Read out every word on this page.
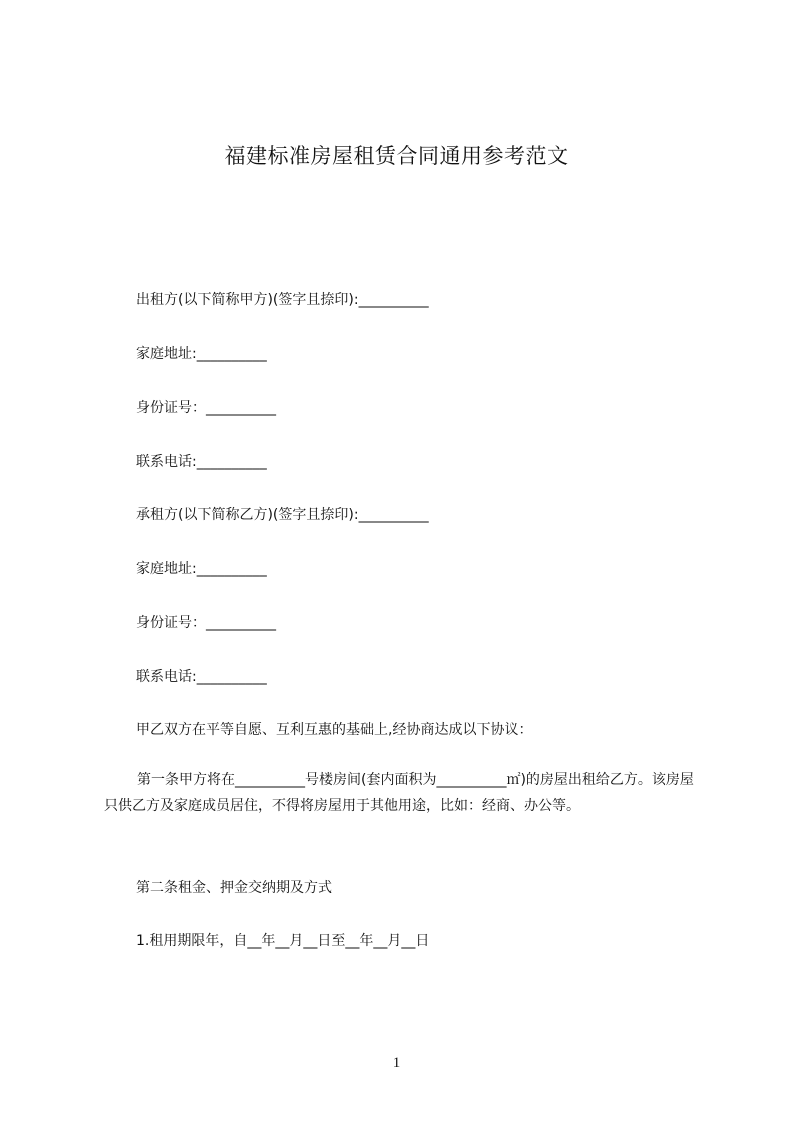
福建标准房屋租赁合同通用参考范文

出租方(以下简称甲方)(签字且捺印):__________

家庭地址:__________

身份证号：__________

联系电话:__________

承租方(以下简称乙方)(签字且捺印):__________

家庭地址:__________

身份证号：__________

联系电话:__________

甲乙双方在平等自愿、互利互惠的基础上,经协商达成以下协议：

第一条甲方将在__________号楼房间(套内面积为__________㎡)的房屋出租给乙方。该房屋只供乙方及家庭成员居住，不得将房屋用于其他用途，比如：经商、办公等。

第二条租金、押金交纳期及方式

1.租用期限年，自__年__月__日至__年__月__日

1
